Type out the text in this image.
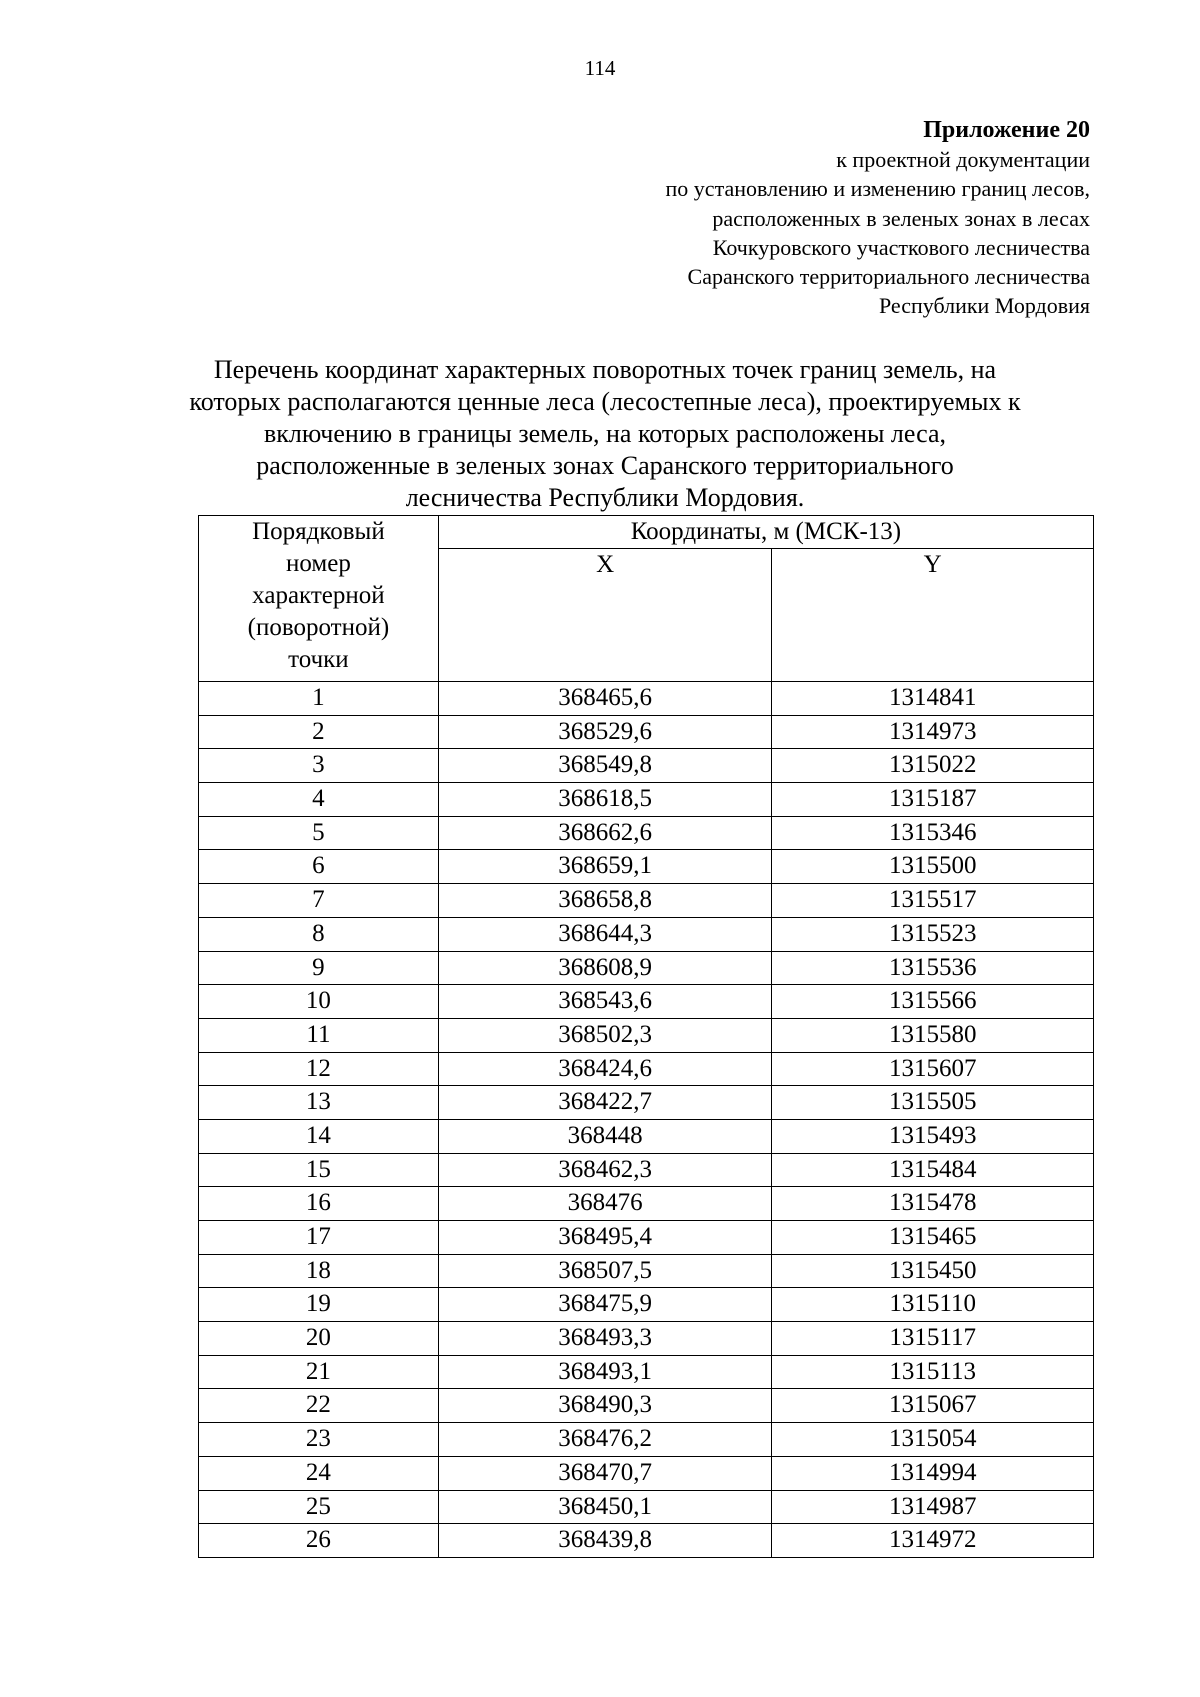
114
Приложение 20
к проектной документации
по установлению и изменению границ лесов,
расположенных в зеленых зонах в лесах
Кочкуровского участкового лесничества
Саранского территориального лесничества
Республики Мордовия
Перечень координат характерных поворотных точек границ земель, на
которых располагаются ценные леса (лесостепные леса), проектируемых к
включению в границы земель, на которых расположены леса,
расположенные в зеленых зонах Саранского территориального
лесничества Республики Мордовия.
Порядковый
номер
характерной
(поворотной)
точки	Координаты, м (МСК-13)	
	X	Y
1	368465,6	1314841
2	368529,6	1314973
3	368549,8	1315022
4	368618,5	1315187
5	368662,6	1315346
6	368659,1	1315500
7	368658,8	1315517
8	368644,3	1315523
9	368608,9	1315536
10	368543,6	1315566
11	368502,3	1315580
12	368424,6	1315607
13	368422,7	1315505
14	368448	1315493
15	368462,3	1315484
16	368476	1315478
17	368495,4	1315465
18	368507,5	1315450
19	368475,9	1315110
20	368493,3	1315117
21	368493,1	1315113
22	368490,3	1315067
23	368476,2	1315054
24	368470,7	1314994
25	368450,1	1314987
26	368439,8	1314972
